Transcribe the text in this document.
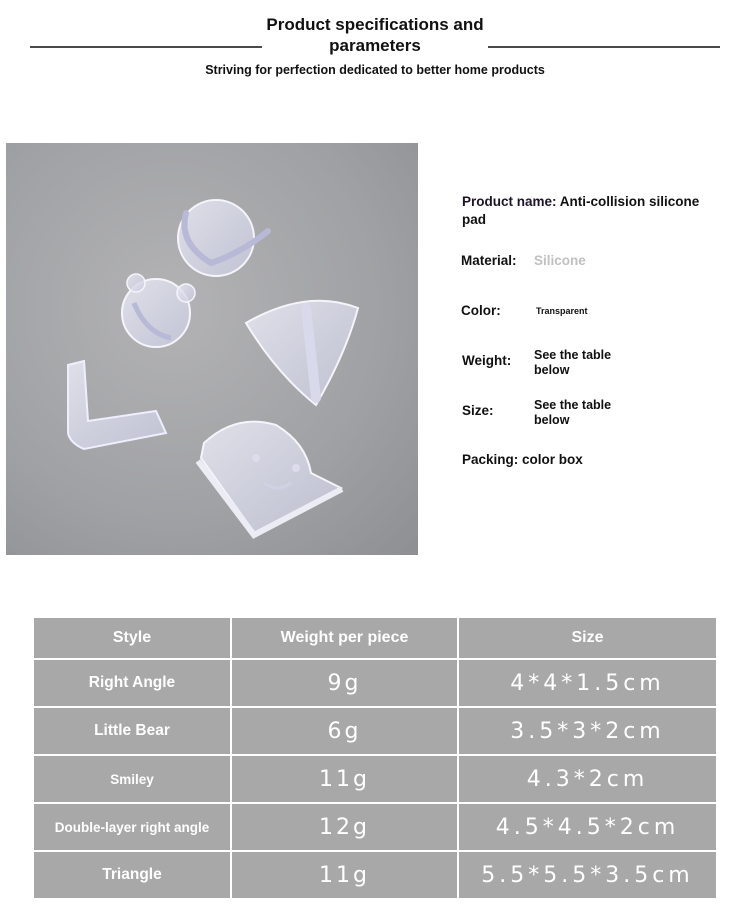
Product specifications and parameters
Striving for perfection dedicated to better home products
Product name: Anti-collision silicone pad
Material: Silicone
Color:	Transparent
Weight: See the table below
Size:	See the table below
Packing: color box
Style	Weight per piece	Size
Right Angle	9g	4*4*1.5cm
Little Bear	6g	3.5*3*2cm
Smiley	11g	4.3*2cm
Double-layer right angle	12g	4.5*4.5*2cm
Triangle	11g	5.5*5.5*3.5cm
